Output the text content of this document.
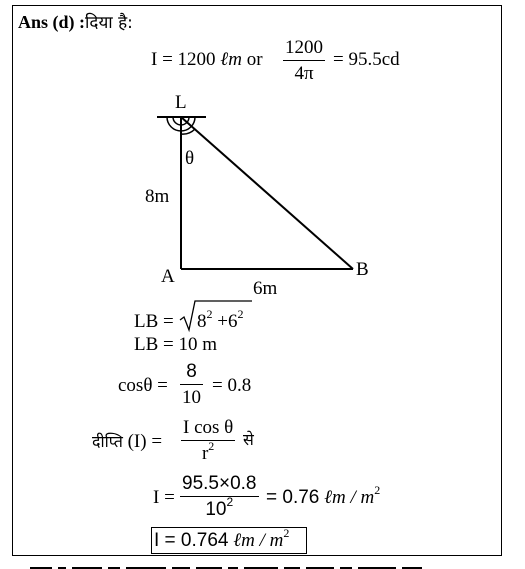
Ans (d) :दिया है:
I = 1200 ℓm or
1200
4π
= 95.5cd
L
θ
8m
A	B
6m
LB = $8^2 +6^2$
LB = 10 m
cosθ =
8
10
= 0.8
दीप्ति (I) =
I cos θ
$r^2$ से
I =
95.5×0.8
$10^2 = 0.76$ ℓm / $m^2$
I = 0.764 ℓm / $m^2$
